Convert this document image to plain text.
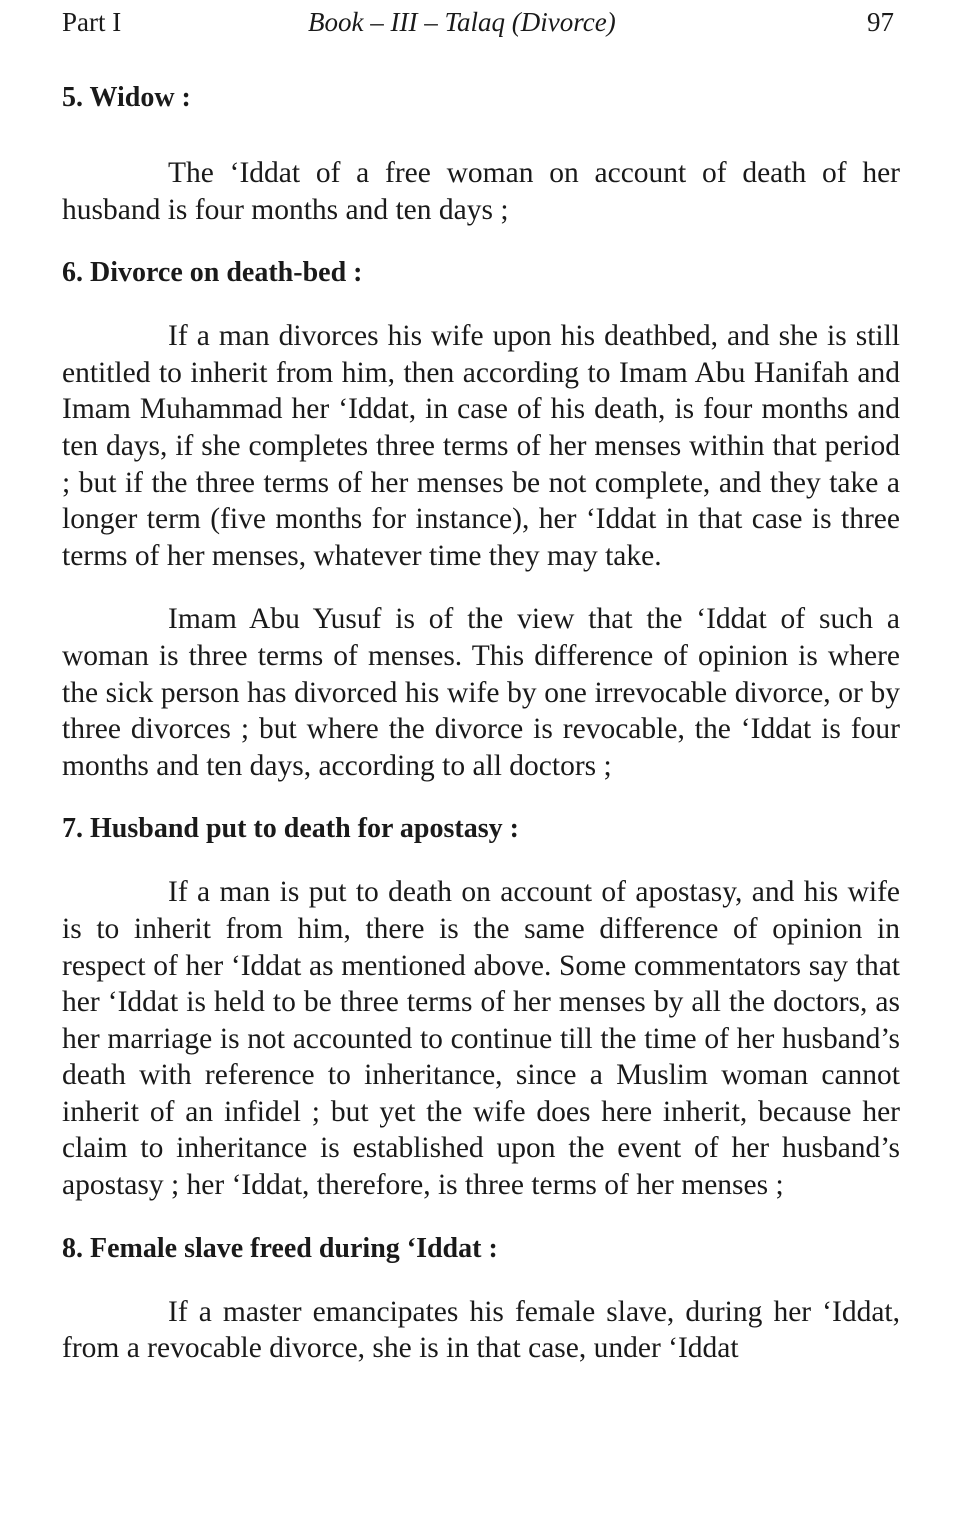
Part I	Book – III – Talaq (Divorce)	97
5. Widow :

The ‘Iddat of a free woman on account of death of her husband is four months and ten days ;

6. Divorce on death-bed :

If a man divorces his wife upon his deathbed, and she is still entitled to inherit from him, then according to Imam Abu Hanifah and Imam Muhammad her ‘Iddat, in case of his death, is four months and ten days, if she completes three terms of her menses within that period ; but if the three terms of her menses be not complete, and they take a longer term (five months for instance), her ‘Iddat in that case is three terms of her menses, whatever time they may take.

Imam Abu Yusuf is of the view that the ‘Iddat of such a woman is three terms of menses. This difference of opinion is where the sick person has divorced his wife by one irrevocable divorce, or by three divorces ; but where the divorce is revocable, the ‘Iddat is four months and ten days, according to all doctors ;

7. Husband put to death for apostasy :

If a man is put to death on account of apostasy, and his wife is to inherit from him, there is the same difference of opinion in respect of her ‘Iddat as mentioned above. Some commentators say that her ‘Iddat is held to be three terms of her menses by all the doctors, as her marriage is not accounted to continue till the time of her husband’s death with reference to inheritance, since a Muslim woman cannot inherit of an infidel ; but yet the wife does here inherit, because her claim to inheritance is established upon the event of her husband’s apostasy ; her ‘Iddat, therefore, is three terms of her menses ;

8. Female slave freed during ‘Iddat :

If a master emancipates his female slave, during her ‘Iddat, from a revocable divorce, she is in that case, under ‘Iddat
